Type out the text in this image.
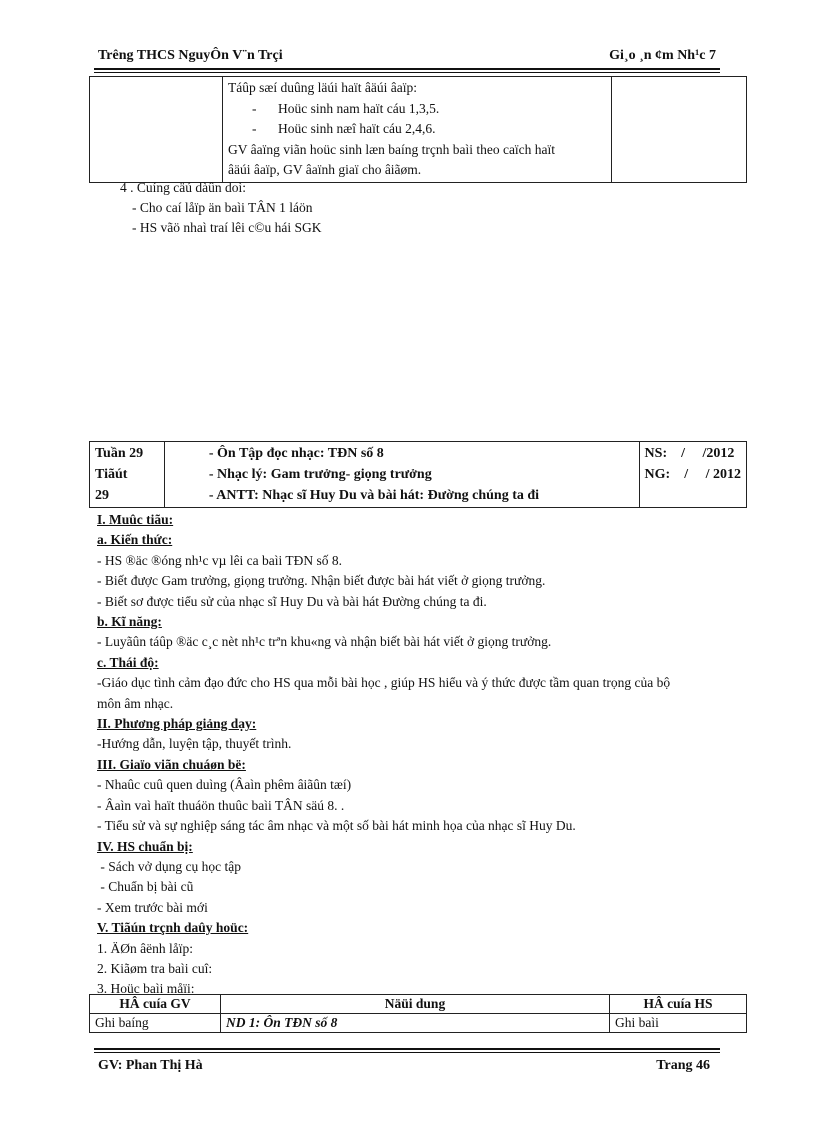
Trêng THCS NguyÔn V¨n Trçi	Gi¸o ¸n ¢m Nh¹c 7

Táûp sæí duûng läúi haït âäúi âaïp:
- Hoüc sinh nam haït cáu 1,3,5.
- Hoüc sinh næî haït cáu 2,4,6.
GV âaïng viãn hoüc sinh læn baíng trçnh baìi theo caïch haït
âäúi âaïp, GV âaïnh giaï cho âiãøm.

4 . Cuíng cäú dàûn doì:
- Cho caí låïp än baìi TÂN 1 láön
- HS vãö nhaì traí lêi c©u hái SGK
Tuần 29
Tiãút
29

- Ôn Tập đọc nhạc: TĐN số 8
- Nhạc lý: Gam trưởng- giọng trưởng
- ANTT: Nhạc sĩ Huy Du và bài hát: Đường chúng ta đi

NS:    /     /2012
NG:    /     / 2012
I. Muûc tiãu:
a. Kiến thức:
- HS ®äc ®óng nh¹c vµ lêi ca baìi TĐN số 8.
- Biết được Gam trưởng, giọng trưởng. Nhận biết được bài hát viết ở giọng trưởng.
- Biết sơ được tiểu sử của nhạc sĩ Huy Du và bài hát Đường chúng ta đi.
b. Kĩ năng:
- Luyãûn táûp ®äc c¸c nèt nh¹c trªn khu«ng và nhận biết bài hát viết ở giọng trưởng.
c. Thái độ:
-Giáo dục tình cảm đạo đức cho HS qua mỗi bài học , giúp HS hiểu và ý thức được tầm quan trọng của bộ
môn âm nhạc.
II. Phương pháp giảng dạy:
-Hướng dẫn, luyện tập, thuyết trình.
III. Giaïo viãn chuáøn bë:
- Nhaûc cuû quen duìng (Âaìn phêm âiãûn tæí)
- Âaìn vaì haït thuáön thuûc baìi TÂN säú 8. .
- Tiểu sử và sự nghiệp sáng tác âm nhạc và một số bài hát minh họa của nhạc sĩ Huy Du.
IV. HS chuẩn bị:
- Sách vở dụng cụ học tập
- Chuẩn bị bài cũ
- Xem trước bài mới
V. Tiãún trçnh daûy hoüc:
1. ÄØn âënh låïp:
2. Kiãøm tra baìi cuî:
3. Hoüc baìi måïi:
HÂ cuía GV	Näüi dung	HÂ cuía HS
Ghi baíng	ND 1: Ôn TĐN số 8	Ghi baìi
GV: Phan Thị Hà	Trang 46
